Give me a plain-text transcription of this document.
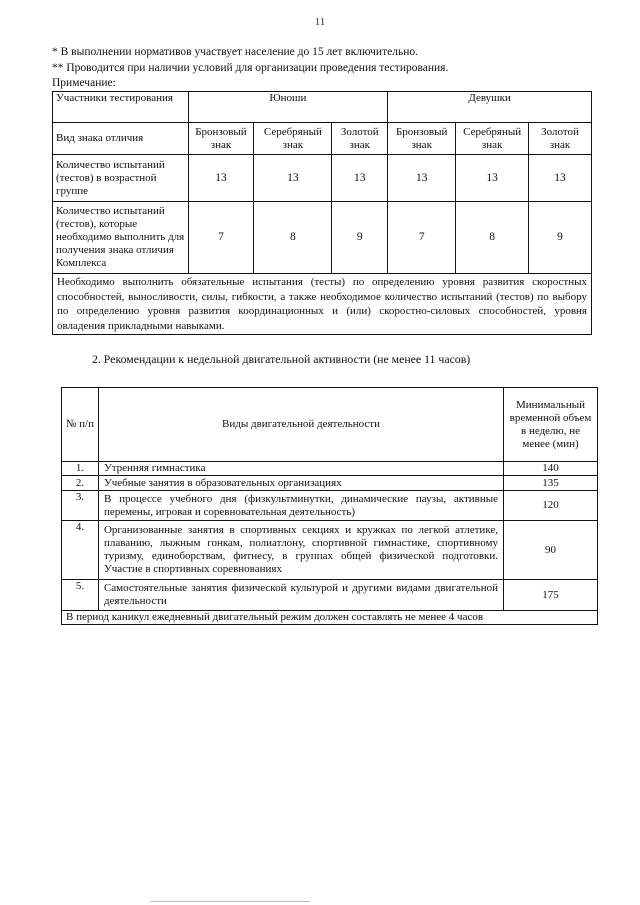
11
* В выполнении нормативов участвует население до 15 лет включительно.
** Проводится при наличии условий для организации проведения тестирования.
Примечание:
Участники тестирования	Юноши			Девушки		
Вид знака отличия	Бронзовый знак	Серебряный знак	Золотой знак	Бронзовый знак	Серебряный знак	Золотой знак
Количество испытаний (тестов) в возрастной группе	13	13	13	13	13	13
Количество испытаний (тестов), которые необходимо выполнить для получения знака отличия Комплекса	7	8	9	7	8	9
Необходимо выполнить обязательные испытания (тесты) по определению уровня развития скоростных способностей, выносливости, силы, гибкости, а также необходимое количество испытаний (тестов) по выбору по определению уровня развития координационных и (или) скоростно-силовых способностей, уровня овладения прикладными навыками.						
2. Рекомендации к недельной двигательной активности (не менее 11 часов)
№ п/п	Виды двигательной деятельности	Минимальный временной объем в неделю, не менее (мин)
1.	Утренняя гимнастика	140
2.	Учебные занятия в образовательных организациях	135
3.	В процессе учебного дня (физкультминутки, динамические паузы, активные перемены, игровая и соревновательная деятельность)	120
4.	Организованные занятия в спортивных секциях и кружках по легкой атлетике, плаванию, лыжным гонкам, полиатлону, спортивной гимнастике, спортивному туризму, единоборствам, фитнесу, в группах общей физической подготовки. Участие в спортивных соревнованиях	90
5.	Самостоятельные занятия физической культурой и другими видами двигательной деятельности	175
В период каникул ежедневный двигательный режим должен составлять не менее 4 часов		
